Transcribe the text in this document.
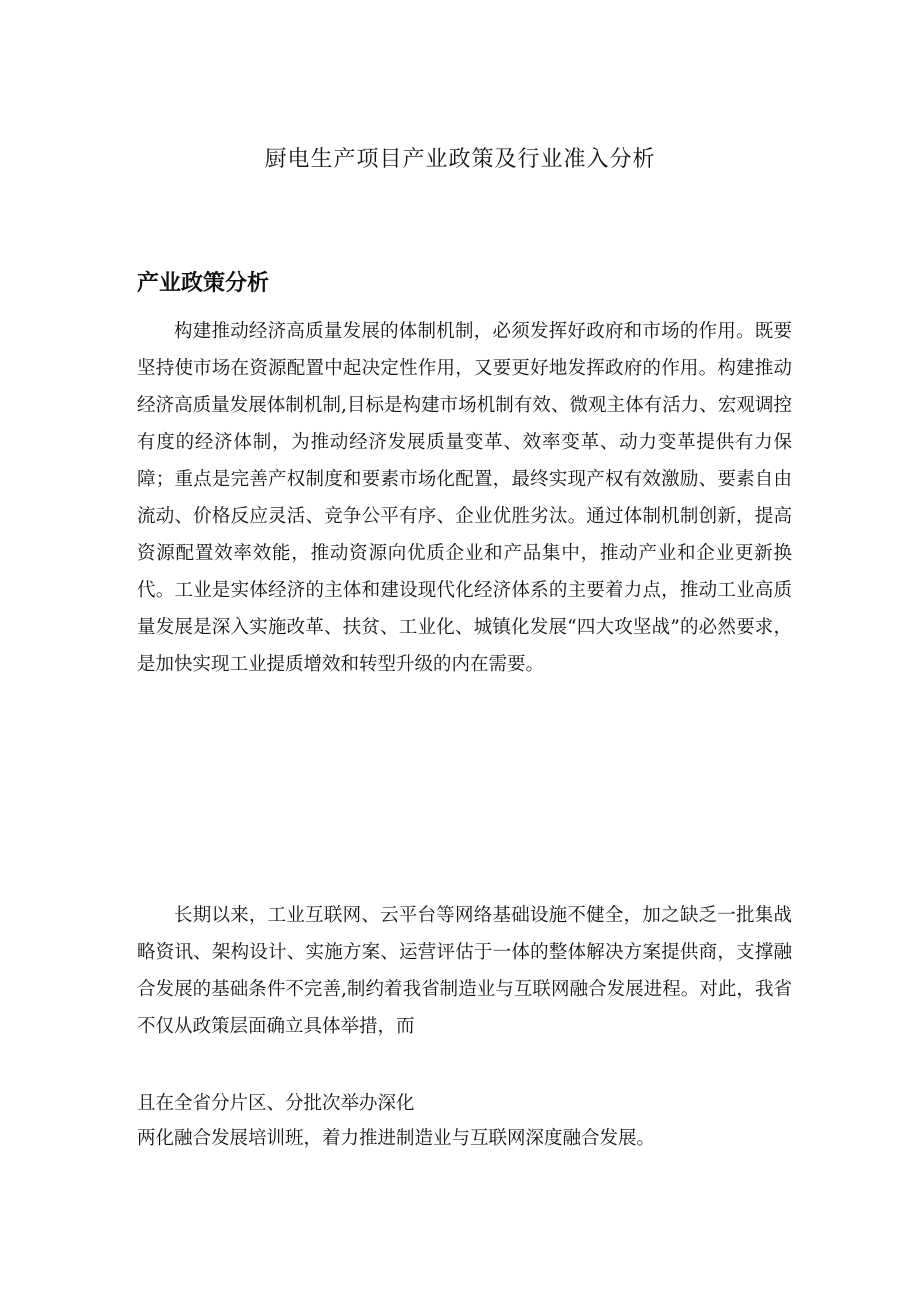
厨电生产项目产业政策及行业准入分析
产业政策分析

构建推动经济高质量发展的体制机制，必须发挥好政府和市场的作用。既要坚持使市场在资源配置中起决定性作用，又要更好地发挥政府的作用。构建推动经济高质量发展体制机制,目标是构建市场机制有效、微观主体有活力、宏观调控有度的经济体制，为推动经济发展质量变革、效率变革、动力变革提供有力保障；重点是完善产权制度和要素市场化配置，最终实现产权有效激励、要素自由流动、价格反应灵活、竞争公平有序、企业优胜劣汰。通过体制机制创新，提高资源配置效率效能，推动资源向优质企业和产品集中，推动产业和企业更新换代。工业是实体经济的主体和建设现代化经济体系的主要着力点，推动工业高质量发展是深入实施改革、扶贫、工业化、城镇化发展“四大攻坚战”的必然要求，是加快实现工业提质增效和转型升级的内在需要。

长期以来，工业互联网、云平台等网络基础设施不健全，加之缺乏一批集战略资讯、架构设计、实施方案、运营评估于一体的整体解决方案提供商，支撑融合发展的基础条件不完善,制约着我省制造业与互联网融合发展进程。对此，我省不仅从政策层面确立具体举措，而

且在全省分片区、分批次举办深化
两化融合发展培训班，着力推进制造业与互联网深度融合发展。
